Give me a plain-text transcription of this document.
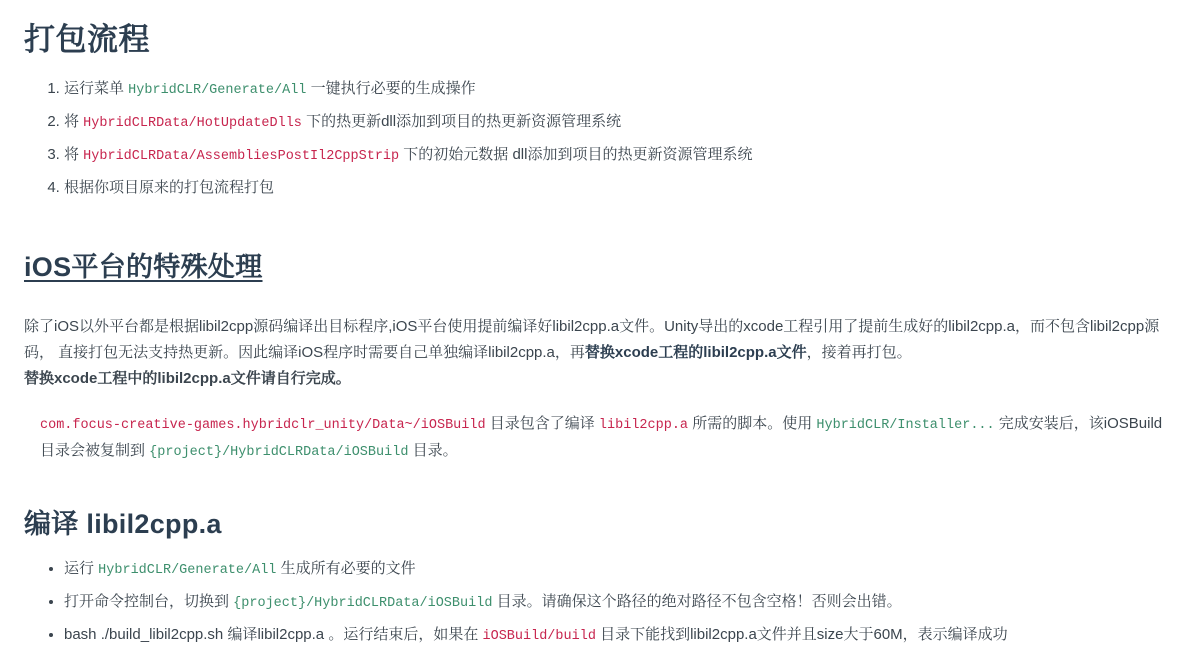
打包流程
1. 运行菜单 HybridCLR/Generate/All 一键执行必要的生成操作
2. 将 HybridCLRData/HotUpdateDlls 下的热更新dll添加到项目的热更新资源管理系统
3. 将 HybridCLRData/AssembliesPostIl2CppStrip 下的初始元数据 dll添加到项目的热更新资源管理系统
4. 根据你项目原来的打包流程打包
iOS平台的特殊处理

除了iOS以外平台都是根据libil2cpp源码编译出目标程序,iOS平台使用提前编译好libil2cpp.a文件。Unity导出的xcode工程引用了提前生成好的libil2cpp.a，而不包含libil2cpp源码， 直接打包无法支持热更新。因此编译iOS程序时需要自己单独编译libil2cpp.a，再替换xcode工程的libil2cpp.a文件，接着再打包。

替换xcode工程中的libil2cpp.a文件请自行完成。

com.focus-creative-games.hybridclr_unity/Data~/iOSBuild 目录包含了编译 libil2cpp.a 所需的脚本。使用 HybridCLR/Installer... 完成安装后，该iOSBuild目录会被复制到 {project}/HybridCLRData/iOSBuild 目录。

编译 libil2cpp.a
• 运行 HybridCLR/Generate/All 生成所有必要的文件
• 打开命令控制台，切换到 {project}/HybridCLRData/iOSBuild 目录。请确保这个路径的绝对路径不包含空格！否则会出错。
• bash ./build_libil2cpp.sh 编译libil2cpp.a 。运行结束后，如果在 iOSBuild/build 目录下能找到libil2cpp.a文件并且size大于60M，表示编译成功
